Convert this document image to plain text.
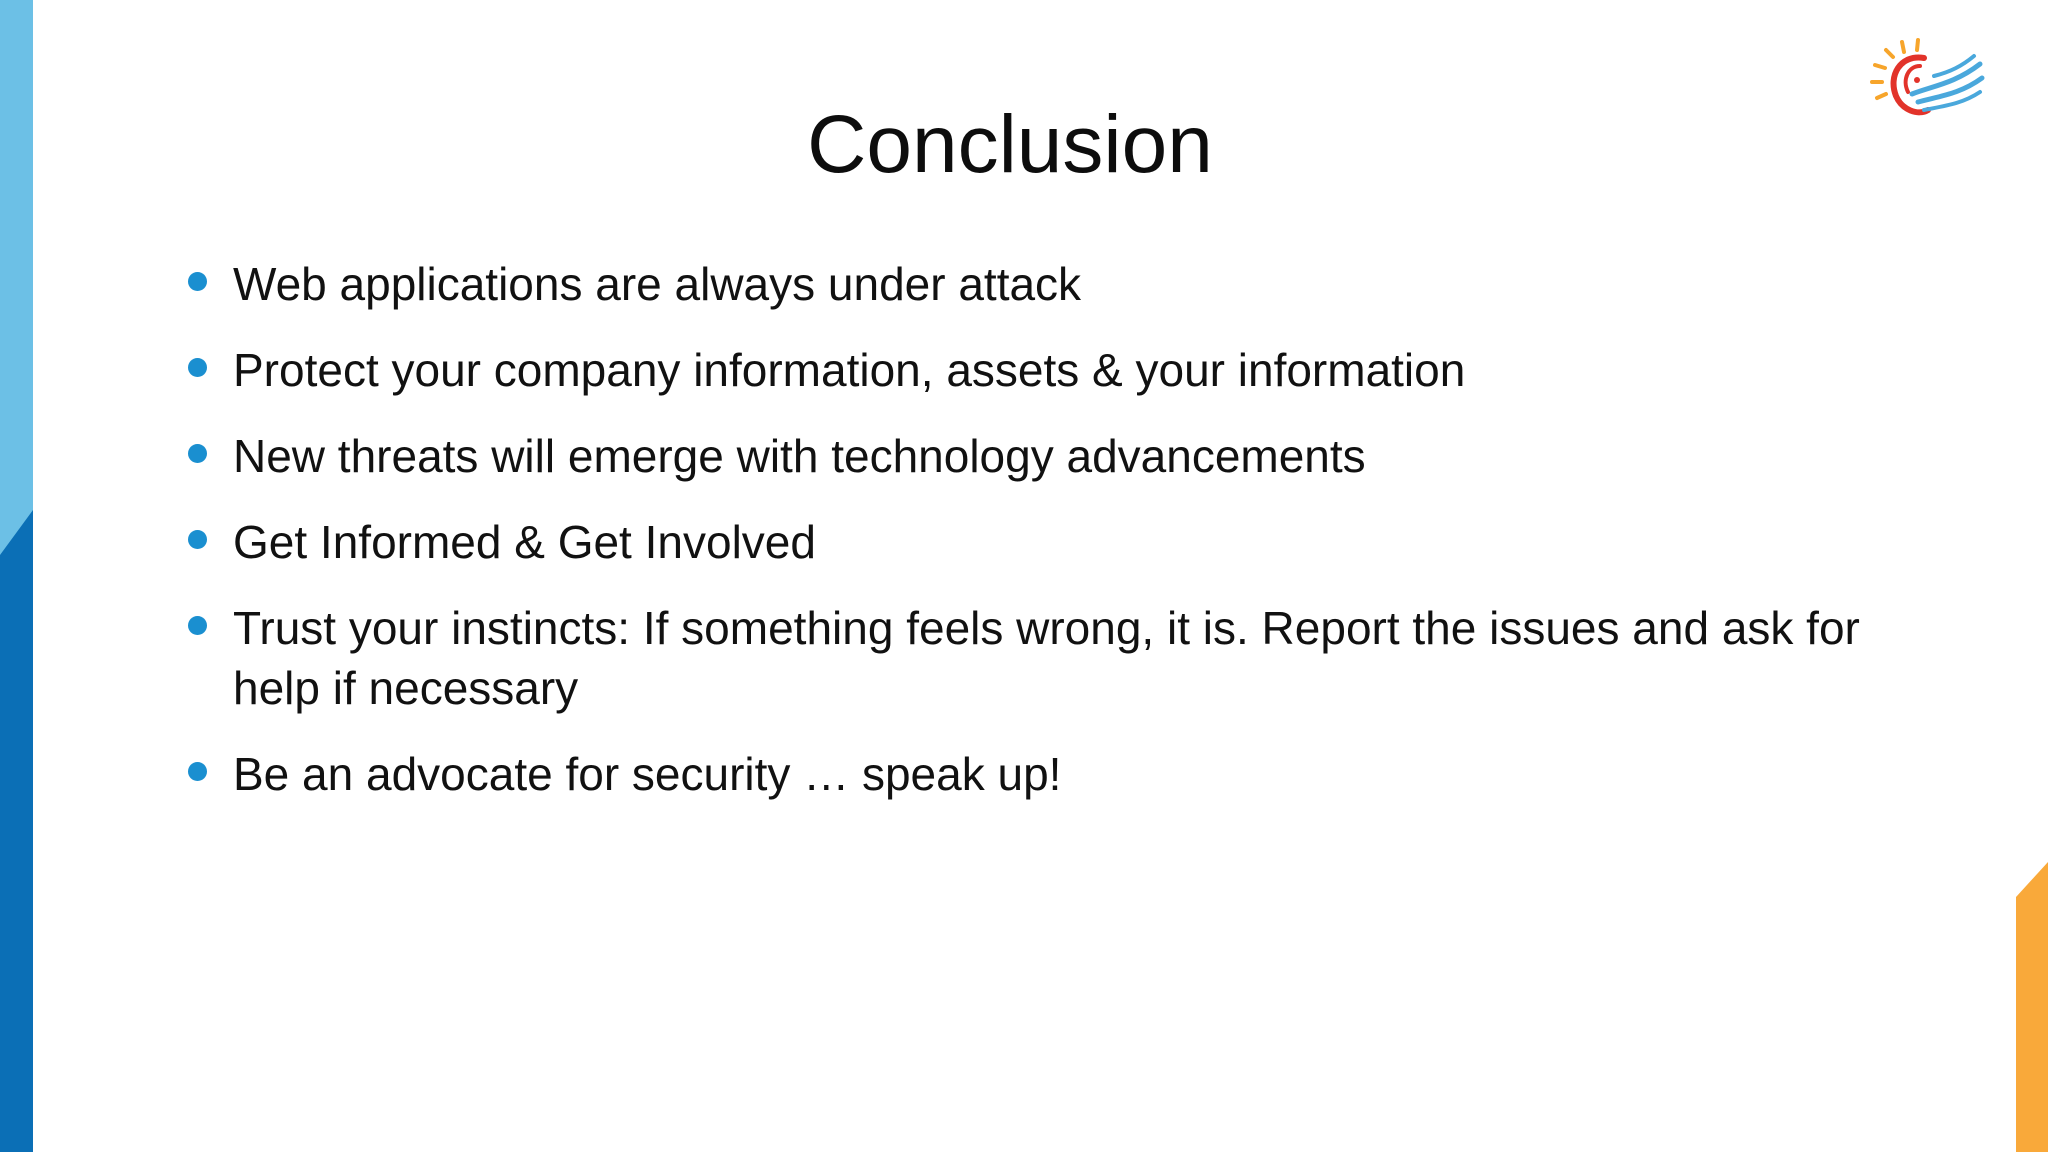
Conclusion
Web applications are always under attack
Protect your company information, assets & your information
New threats will emerge with technology advancements
Get Informed & Get Involved
Trust your instincts: If something feels wrong, it is. Report the issues and ask for help if necessary
Be an advocate for security … speak up!
